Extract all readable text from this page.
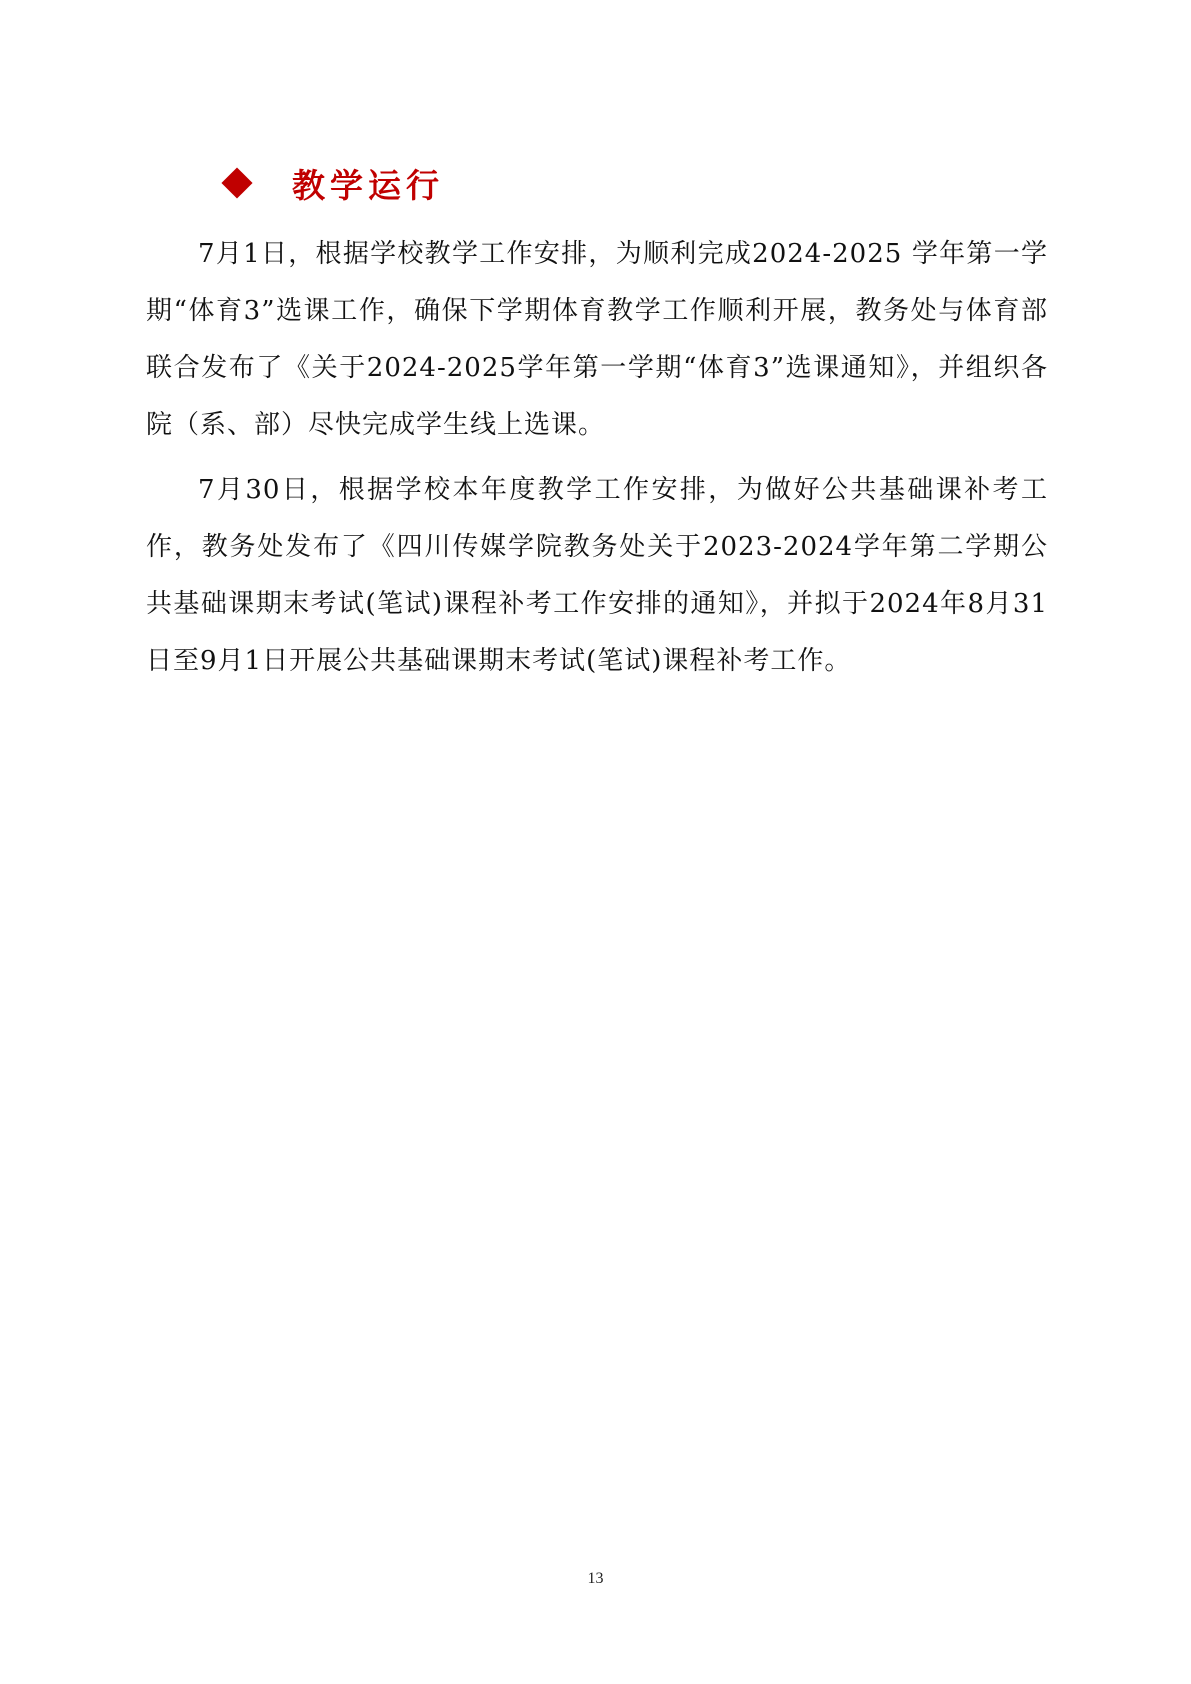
教学运行

7月1日，根据学校教学工作安排，为顺利完成2024-2025 学年第一学期“体育3”选课工作，确保下学期体育教学工作顺利开展，教务处与体育部联合发布了《关于2024-2025学年第一学期“体育3”选课通知》，并组织各院（系、部）尽快完成学生线上选课。

7月30日，根据学校本年度教学工作安排，为做好公共基础课补考工作，教务处发布了《四川传媒学院教务处关于2023-2024学年第二学期公共基础课期末考试(笔试)课程补考工作安排的通知》，并拟于2024年8月31日至9月1日开展公共基础课期末考试(笔试)课程补考工作。

13
